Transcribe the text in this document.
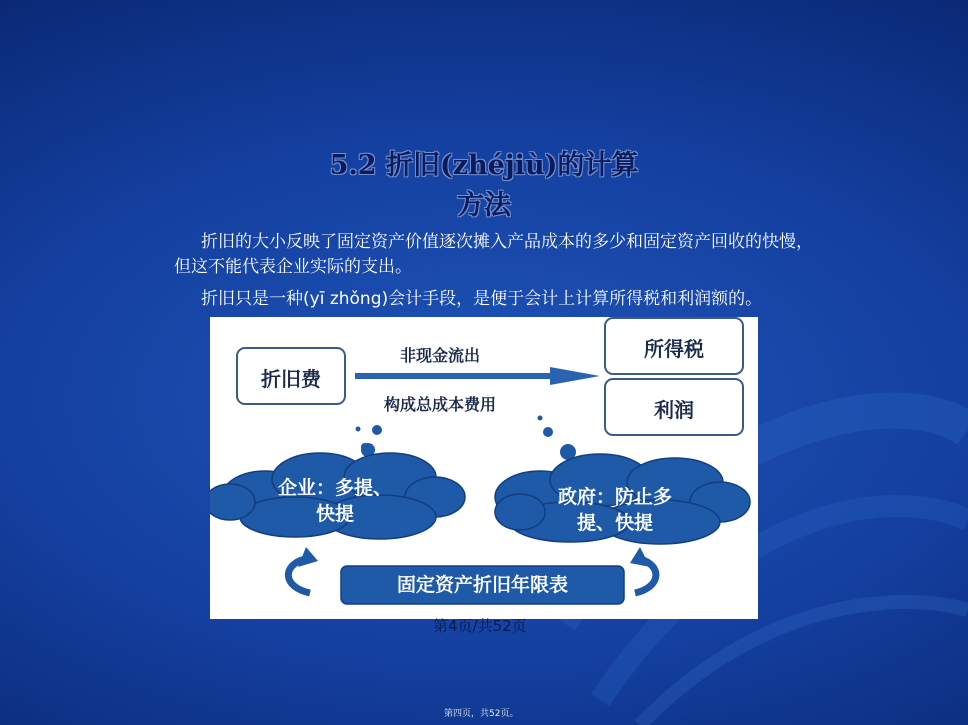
5.2 折旧(zhéjiù)的计算
方法
折旧的大小反映了固定资产价值逐次摊入产品成本的多少和固定资产回收的快慢，但这不能代表企业实际的支出。
折旧只是一种(yī zhǒng)会计手段，是便于会计上计算所得税和利润额的。
折旧费
非现金流出
构成总成本费用
所得税
利润
企业：多提、
快提
政府：防止多
提、快提
固定资产折旧年限表
第4页/共52页
第四页，共52页。
